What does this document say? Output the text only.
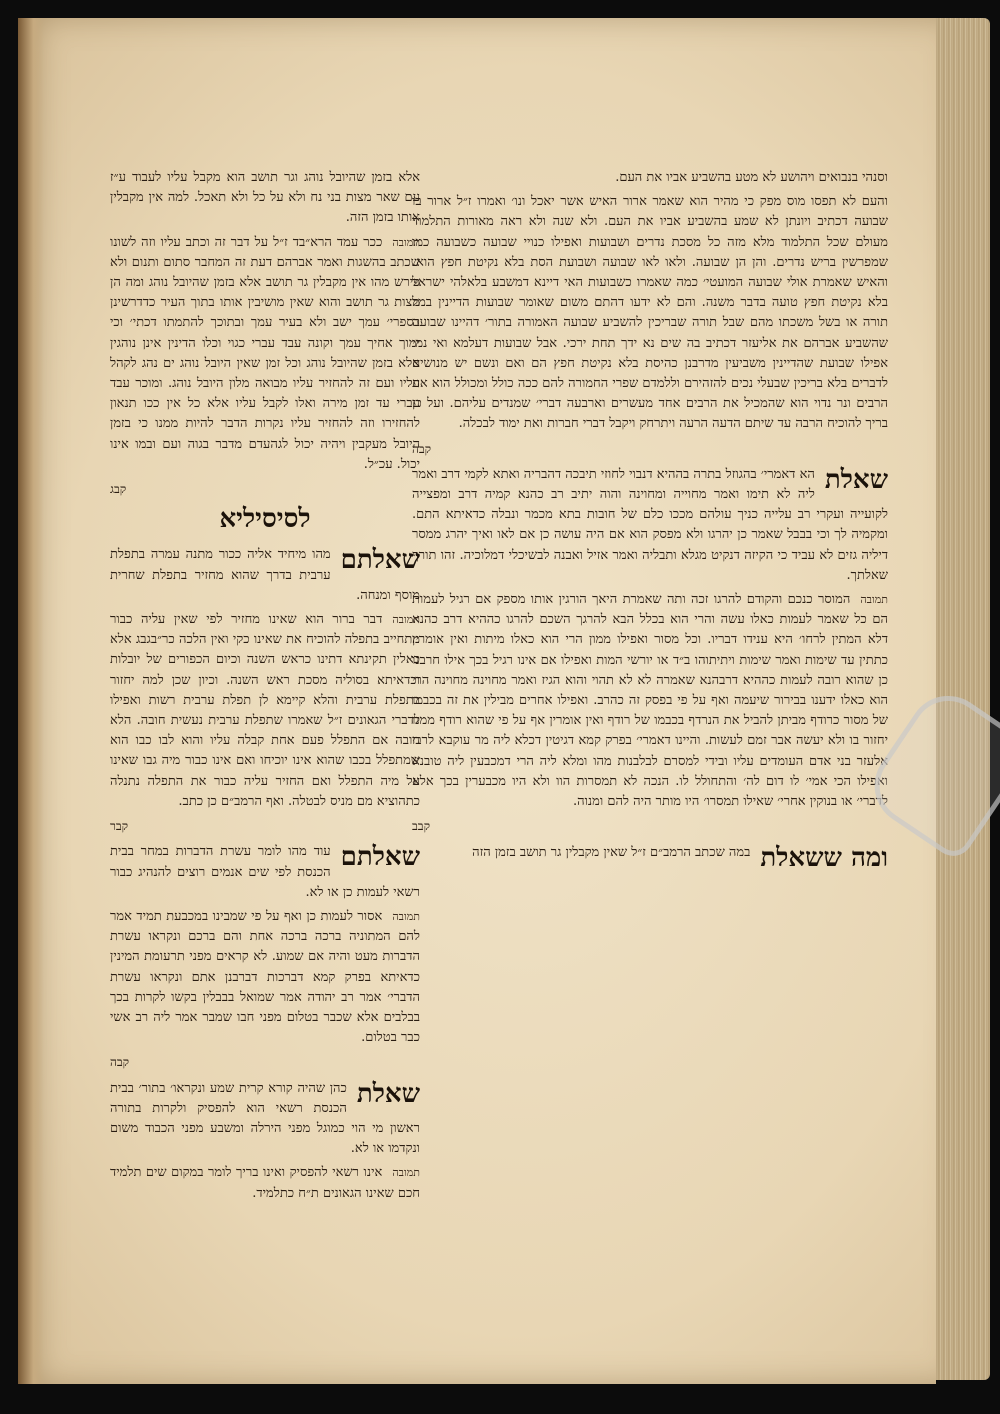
וסנהי בנבואים ויהושע לא מטע בהשביע אביו את העם.

והעם לא תפסו מוס מפק כי מהיר הוא שאמר ארור האיש אשר יאכל ונו׳ ואמרו ז״ל ארור בו שבועה דכתיב ויונתן לא שמע בהשביע אביו את העם. ולא שנה ולא ראה מאורות התלמוד מעולם שכל התלמוד מלא מזה כל מסכת נדרים ושבועות ואפילו כנויי שבועה כשבועה כמו שמפרשין בריש נדרים. והן הן שבועה. ולאו לאו שבועה ושבועת הסת בלא נקיטת חפץ הוא. והאיש שאמרת אולי שבועה המועטי׳ כמה שאמרו כשבועות האי דיינא דמשבע בלאלהי ישראל בלא נקיטת חפץ טועה בדבר משנה. והם לא ידעו דהתם משום שאומר שבועות הדיינין במל תורה או בשל משכתו מהם שבל תורה שבריכין להשביע שבועה האמורה בתור׳ דהיינו שבועה שהשביע אברהם את אליעזר דכתיב בה שים נא ידך תחת ירכי. אבל שבועות דעלמא ואי נמי אפילו שבועת שהדיינין משביעין מדרבנן כהיסת בלא נקיטת חפץ הם ואם ונשם יש מנושים לדברים בלא בריכין שבעלי נכים להזהירם וללמדם שפרי החמורה להם ככה כולל ומכולל הוא את הרבים ונר נדוי הוא שהמכיל את הרבים אחד מעשרים וארבעה דברי׳ שמנדים עליהם. ועל כן בריך להוכיח הרבה עד שיתם הדעה הרעה ויתרחק ויקבל דברי חברות ואת ימוד לבכלה.

קבה
שאלת

הא דאמרי׳ בהגוזל בתרה בההיא דנבוי לחוזי תיבכה דהבריה ואתא לקמי דרב ואמר ליה לא תימו ואמר מחוייה ומחוינה והוה יתיב רב כהנא קמיה דרב ומפצייה לקועייה ועקרי רב עלייה כניך עולהם מככו כלם של חובות בתא מכמר ונבלה כדאיתא התם. ומקמיה לך וכי בבבל שאמר כן יהרגו ולא מפסק הוא אם היה עושה כן אם לאו ואיך יהרג ממסר דיליה גזים לא עביד כי הקיזה דנקיט מגלא ותבליה ואמר אזיל ואבנה לבשיכלי דמלוכיה. זהו תורף שאלתך.

תמובה

המוסר כנכם והקודם להרגו זכה ותה שאמרת היאך הורגין אותו מספק אם רגיל לעמות הם כל שאמר לעמות כאלו עשה והרי הוא בכלל הבא להרגך השכם להרגו כההיא דרב כהנא דלא המתין לרחו׳ היא ענידו דבריו. וכל מסור ואפילו ממון הרי הוא כאלו מיתות ואין אומרין כתתין עד שימות ואמר שימות ויתיתוהו ב״ד או יורשי המות ואפילו אם אינו רגיל בכך אילו חרבנו כן שהוא רובה לעמות כההיא דרבהנא שאמרה לא לא תהוי והוא הגיז ואמר מחוינה מחוינה הרי הוא כאלו ידענו בבירור שיעמה ואף על פי בפסק זה כהרב. ואפילו אחרים מבילין את זה בכבמו של מסור כרודף מביתן להביל את הנרדף בכבמו של רודף ואין אומרין אף על פי שהוא רודף ממנו יחזור בו ולא יעשה אבר זמם לעשות. והיינו דאמרי׳ בפרק קמא דגיטין דכלא ליה מר עוקבא לרבי אלעזר בני אדם העומדים עליו ובידי למסרם לבלבנות מהו ומלא ליה הרי דמכבעין ליה טובנא ואפילו הכי אמי׳ לו דום לה׳ והתחולל לו. הנכה לא תמסרות הוו ולא היו מכבערין בכך אלא לדברי׳ או בנוקין אחרי׳ שאילו תמסרו׳ היו מותר היה להם ומנוה.

קבב
ומה ששאלת

במה שכתב הרמב״ם ז״ל שאין מקבלין גר תושב בזמן הזה

אלא בזמן שהיובל נוהג וגר תושב הוא מקבל עליו לעבוד ע״ז עם שאר מצות בני נח ולא על כל ולא תאכל. למה אין מקבלין אותו בזמן הזה.

תמובה

ככר עמד הרא״בד ז״ל על דבר זה וכתב עליו וזה לשונו שכתב בהשגות ואמר אברהם דעת זה המחבר סתום ותנום ולא פירש מהו אין מקבלין גר תושב אלא בזמן שהיובל נוהג ומה הן מצות גר תושב והוא שאין מושיבין אותו בתוך העיר כדדרשינן בספרי׳ עמך ישב ולא בעיר עמך ובתוכך להתמתו דכתי׳ וכי ימוך אחיך עמך וקונה עבד עברי כגוי וכלו הדינין אינן נוהגין אלא בזמן שהיובל נוהג וכל זמן שאין היובל נוהג ים נהג לקהל עליו ועם זה להחזיר עליו מבואה מלון היובל נוהג. ומוכר עבד עברי עד זמן מירה ואלו לקבל עליו אלא כל אין ככו תנאון להחזירו וזה להחזיר עליו נקרות הדבר להיות ממנו כי בזמן היובל מעקבין ויהיה יכול לגהעדם מדבר בגוה ועם ובמו אינו יכול. עכ״ל.

קבג
לסיסיליא
שאלתם

מהו מיחיד אליה ככור מתנה עמרה בתפלת ערבית בדרך שהוא מחזיר בתפלת שחרית מוסף ומנחה.

תמובה

דבר ברור הוא שאינו מחזיר לפי שאין עליה כבור מתחייב בתפלה להוכיח את שאינו כקי ואין הלכה כר״בגבג אלא כאלין תקינתא דתינו כראש השנה וכיום הכפורים של יובלות וכדאיתא בסוליה מסכת ראש השנה. וכיון שכן למה יחזור בתפלת ערבית והלא קיימא לן תפלת ערבית רשות ואפילו לדברי הגאונים ז״ל שאמרו שתפלת ערבית נעשית חובה. הלא חובה אם התפלל פעם אחת קבלה עליו והוא לבו כבו הוא שמתפלל בכבו שהוא אינו יוכיחו ואם אינו כבור מיה גבו שאינו על מיה התפלל ואם החזיר עליה כבור את התפלה נתנלה כתהוציא מם מניס לבטלה. ואף הרמב״ם כן כתב.

קבר
שאלתם

עוד מהו לומר עשרת הדברות במחר בבית הכנסת לפי שים אנמים רוצים להנהיג כבור רשאי לעמות כן או לא.

תמובה

אסור לעמות כן ואף על פי שמבינו במכבעת תמיד אמר להם המתוניה ברכה ברכה אחת והם ברכם ונקראו עשרת הדברות מעט והיה אם שמוע. לא קראים מפני תרעומת המינין כדאיתא בפרק קמא דברכות דברבנן אתם ונקראו עשרת הדברי׳ אמר רב יהודה אמר שמואל בבבלין בקשו לקרות בכך בבלבים אלא שכבר בטלום מפני חבו שמבר אמר ליה רב אשי כבר בטלום.

קבה
שאלת

כהן שהיה קורא קרית שמע ונקראו׳ בתור׳ בבית הכנסת רשאי הוא להפסיק ולקרות בתורה ראשון מי הוי כמוגל מפני הירלה ומשבע מפני הכבוד משום ונקדמו או לא.

תמובה

אינו רשאי להפסיק ואינו בריך לומר במקום שים תלמיד חכם שאינו הגאונים ת״ח כתלמיד.
